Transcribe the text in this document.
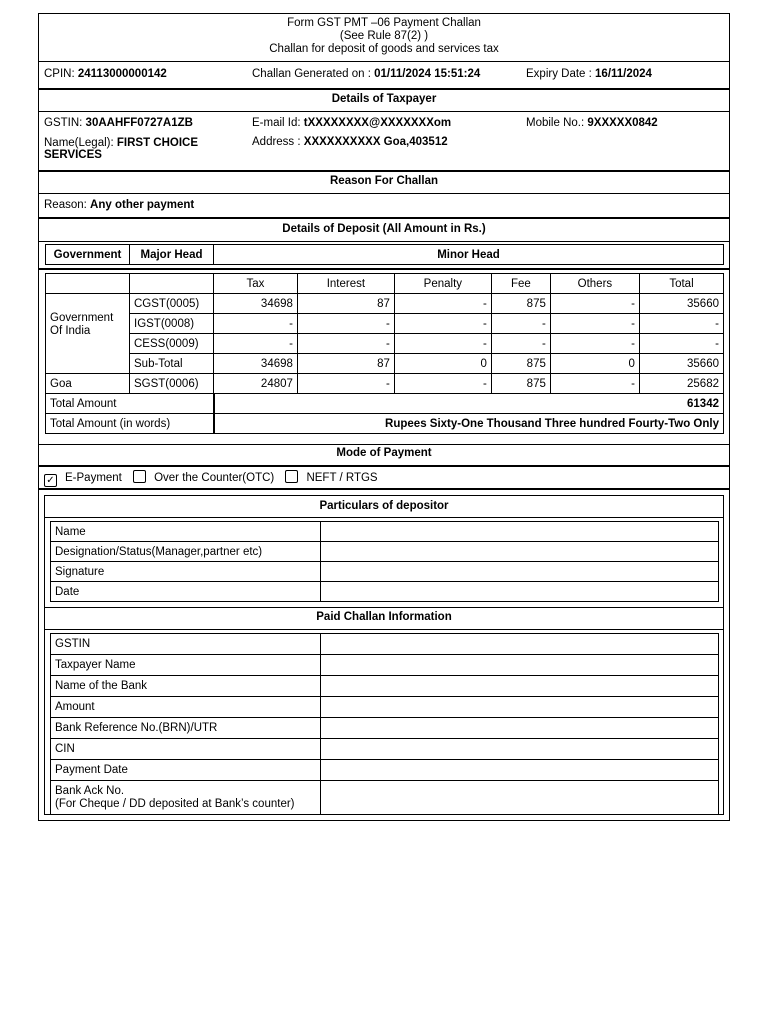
Form GST PMT –06 Payment Challan
(See Rule 87(2) )
Challan for deposit of goods and services tax
CPIN: 24113000000142	Challan Generated on : 01/11/2024 15:51:24	Expiry Date : 16/11/2024
Details of Taxpayer
GSTIN: 30AAHFF0727A1ZB	E-mail Id: tXXXXXXXX@XXXXXXXom	Mobile No.: 9XXXXX0842
Name(Legal): FIRST CHOICE
SERVICES
Address : XXXXXXXXXX Goa,403512
Reason For Challan
Reason: Any other payment
Details of Deposit (All Amount in Rs.)
Government	Major Head	Minor Head
		Tax	Interest	Penalty	Fee	Others	Total
Government Of India	CGST(0005)	34698	87	-	875	-	35660
	IGST(0008)	-	-	-	-	-	-
	CESS(0009)	-	-	-	-	-	-
	Sub-Total	34698	87	0	875	0	35660
Goa	SGST(0006)	24807	-	-	875	-	25682
Total Amount		61342					
Total Amount (in words)		Rupees Sixty-One Thousand Three hundred Fourty-Two Only					
Mode of Payment
✓ E-Payment	Over the Counter(OTC)	NEFT / RTGS
Particulars of depositor
Name	
Designation/Status(Manager,partner etc)	
Signature	
Date	
Paid Challan Information
GSTIN	
Taxpayer Name	
Name of the Bank	
Amount	
Bank Reference No.(BRN)/UTR	
CIN	
Payment Date	

Bank Ack No.
(For Cheque / DD deposited at Bank’s counter)	
